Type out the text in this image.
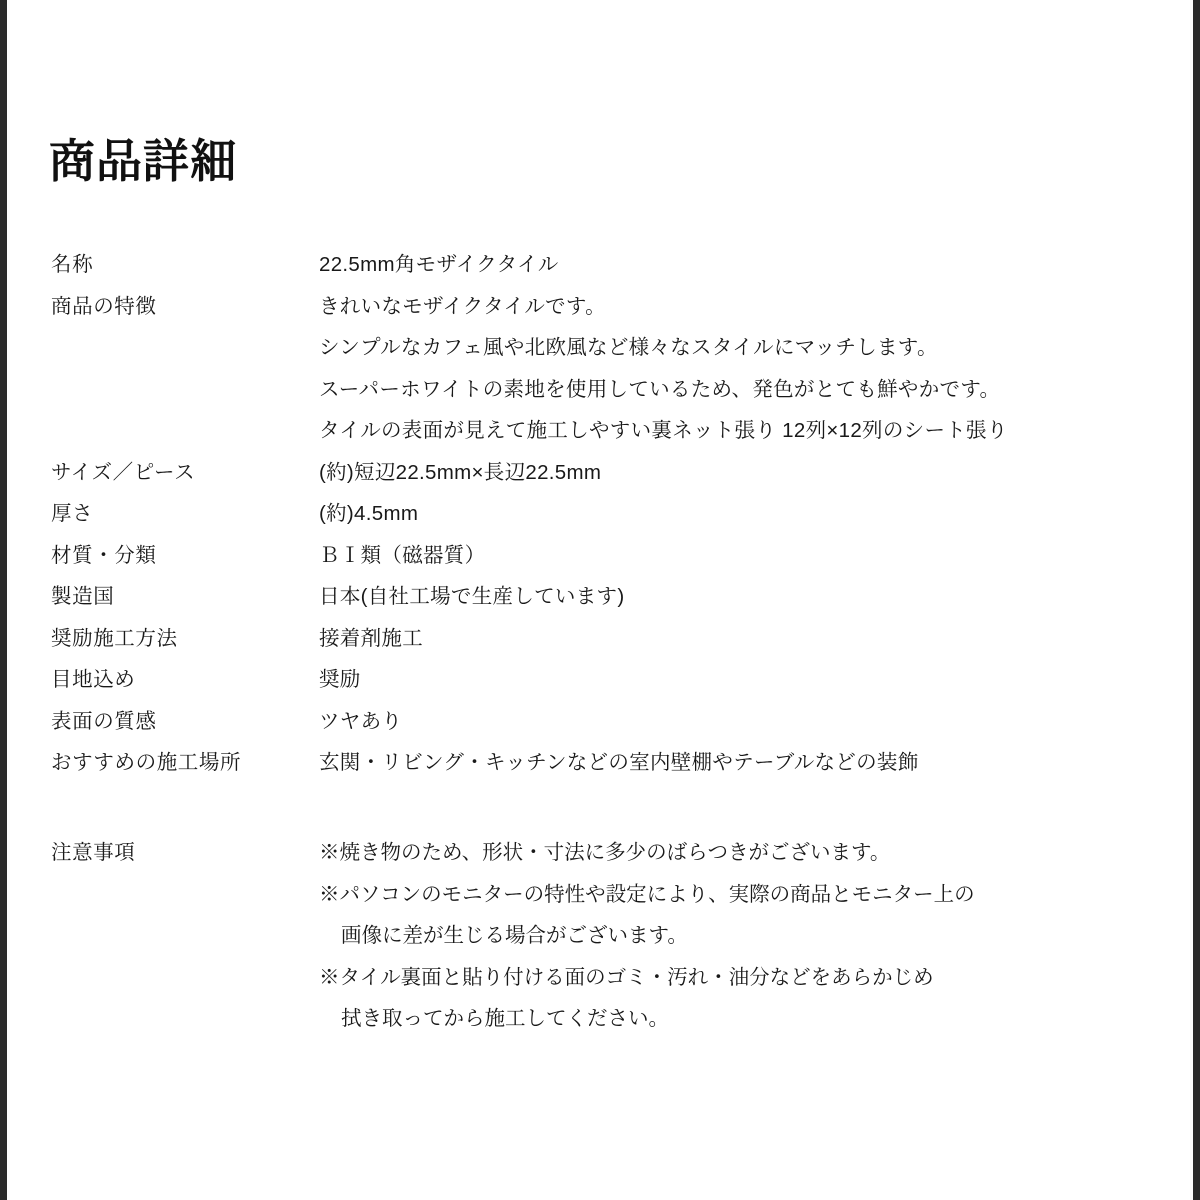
商品詳細
名称	22.5mm角モザイクタイル

商品の特徴	きれいなモザイクタイルです。
シンプルなカフェ風や北欧風など様々なスタイルにマッチします。
スーパーホワイトの素地を使用しているため、発色がとても鮮やかです。
タイルの表面が見えて施工しやすい裏ネット張り 12列×12列のシート張り

サイズ／ピース	(約)短辺22.5mm×長辺22.5mm

厚さ	(約)4.5mm

材質・分類	ＢⅠ類（磁器質）

製造国	日本(自社工場で生産しています)

奨励施工方法	接着剤施工

目地込め	奨励

表面の質感	ツヤあり

おすすめの施工場所	玄関・リビング・キッチンなどの室内壁棚やテーブルなどの装飾
注意事項	※焼き物のため、形状・寸法に多少のばらつきがございます。
※パソコンのモニターの特性や設定により、実際の商品とモニター上の
画像に差が生じる場合がございます。
※タイル裏面と貼り付ける面のゴミ・汚れ・油分などをあらかじめ
拭き取ってから施工してください。
